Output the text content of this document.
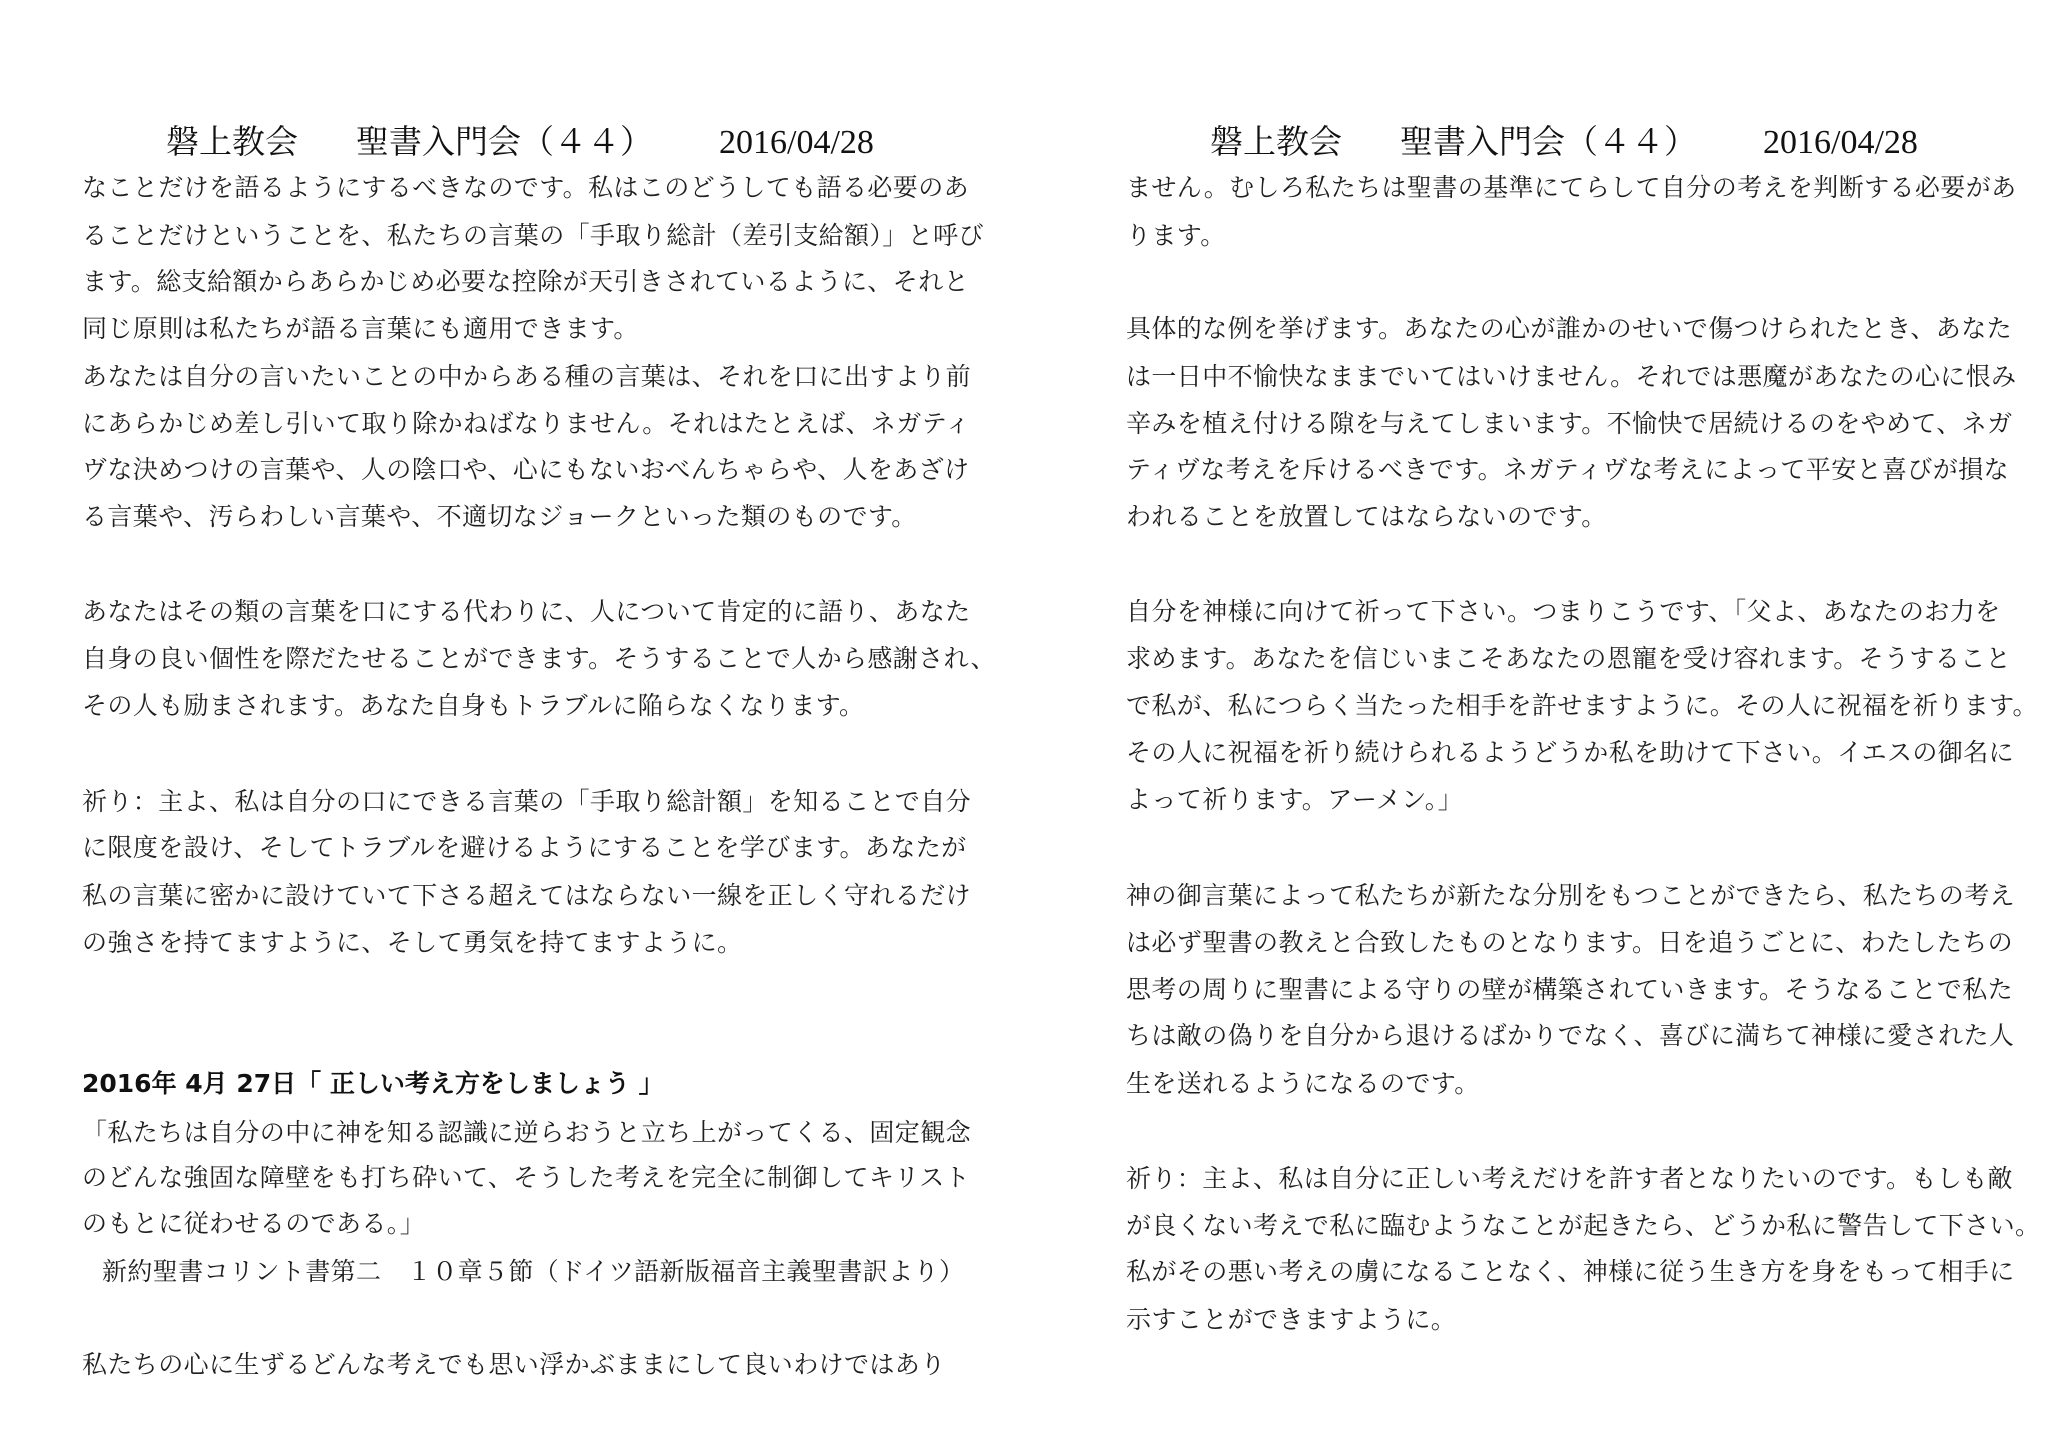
磐上教会 聖書入門会（４４） 2016/04/28
なことだけを語るようにするべきなのです。私はこのどうしても語る必要のあ
ることだけということを、私たちの言葉の「手取り総計（差引支給額）」と呼び
ます。総支給額からあらかじめ必要な控除が天引きされているように、それと
同じ原則は私たちが語る言葉にも適用できます。
あなたは自分の言いたいことの中からある種の言葉は、それを口に出すより前
にあらかじめ差し引いて取り除かねばなりません。それはたとえば、ネガティ
ヴな決めつけの言葉や、人の陰口や、心にもないおべんちゃらや、人をあざけ
る言葉や、汚らわしい言葉や、不適切なジョークといった類のものです。
あなたはその類の言葉を口にする代わりに、人について肯定的に語り、あなた
自身の良い個性を際だたせることができます。そうすることで人から感謝され、
その人も励まされます。あなた自身もトラブルに陥らなくなります。
祈り：主よ、私は自分の口にできる言葉の「手取り総計額」を知ることで自分
に限度を設け、そしてトラブルを避けるようにすることを学びます。あなたが
私の言葉に密かに設けていて下さる超えてはならない一線を正しく守れるだけ
の強さを持てますように、そして勇気を持てますように。
2016年 4月 27日「 正しい考え方をしましょう 」
「私たちは自分の中に神を知る認識に逆らおうと立ち上がってくる、固定観念
のどんな強固な障壁をも打ち砕いて、そうした考えを完全に制御してキリスト
のもとに従わせるのである。」
新約聖書コリント書第二　１０章５節（ドイツ語新版福音主義聖書訳より）
私たちの心に生ずるどんな考えでも思い浮かぶままにして良いわけではあり
磐上教会 聖書入門会（４４） 2016/04/28
ません。むしろ私たちは聖書の基準にてらして自分の考えを判断する必要があ
ります。
具体的な例を挙げます。あなたの心が誰かのせいで傷つけられたとき、あなた
は一日中不愉快なままでいてはいけません。それでは悪魔があなたの心に恨み
辛みを植え付ける隙を与えてしまいます。不愉快で居続けるのをやめて、ネガ
ティヴな考えを斥けるべきです。ネガティヴな考えによって平安と喜びが損な
われることを放置してはならないのです。
自分を神様に向けて祈って下さい。つまりこうです、「父よ、あなたのお力を
求めます。あなたを信じいまこそあなたの恩寵を受け容れます。そうすること
で私が、私につらく当たった相手を許せますように。その人に祝福を祈ります。
その人に祝福を祈り続けられるようどうか私を助けて下さい。イエスの御名に
よって祈ります。アーメン。」
神の御言葉によって私たちが新たな分別をもつことができたら、私たちの考え
は必ず聖書の教えと合致したものとなります。日を追うごとに、わたしたちの
思考の周りに聖書による守りの壁が構築されていきます。そうなることで私た
ちは敵の偽りを自分から退けるばかりでなく、喜びに満ちて神様に愛された人
生を送れるようになるのです。
祈り：主よ、私は自分に正しい考えだけを許す者となりたいのです。もしも敵
が良くない考えで私に臨むようなことが起きたら、どうか私に警告して下さい。
私がその悪い考えの虜になることなく、神様に従う生き方を身をもって相手に
示すことができますように。
